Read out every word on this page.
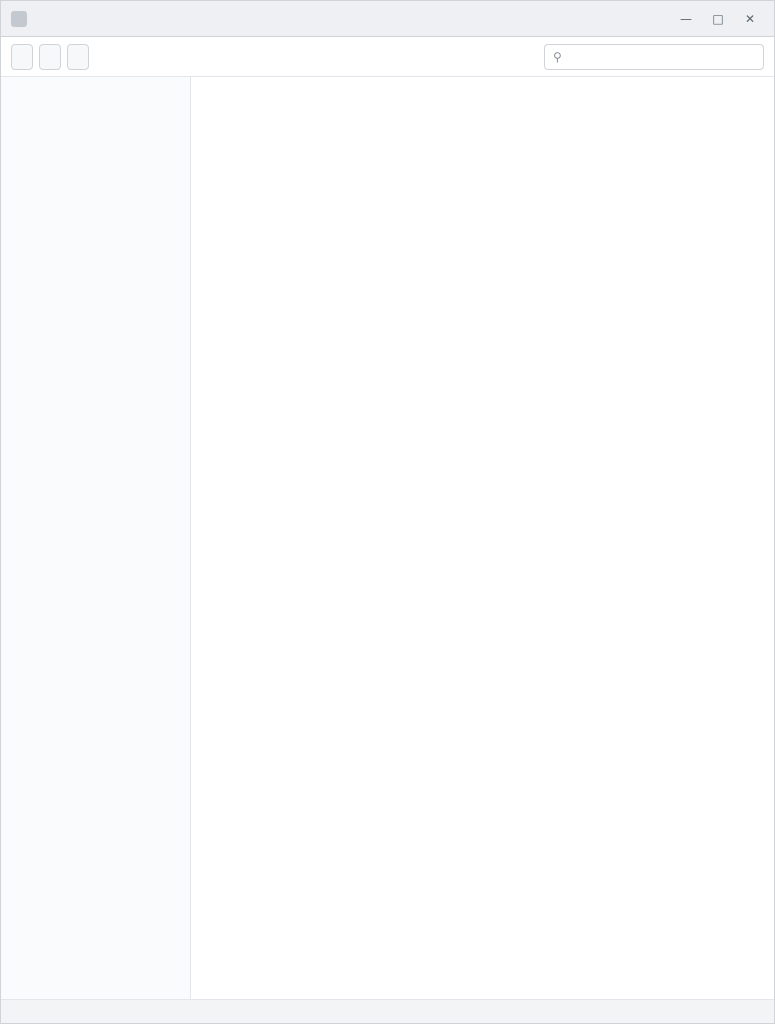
—	□	✕
⚲
